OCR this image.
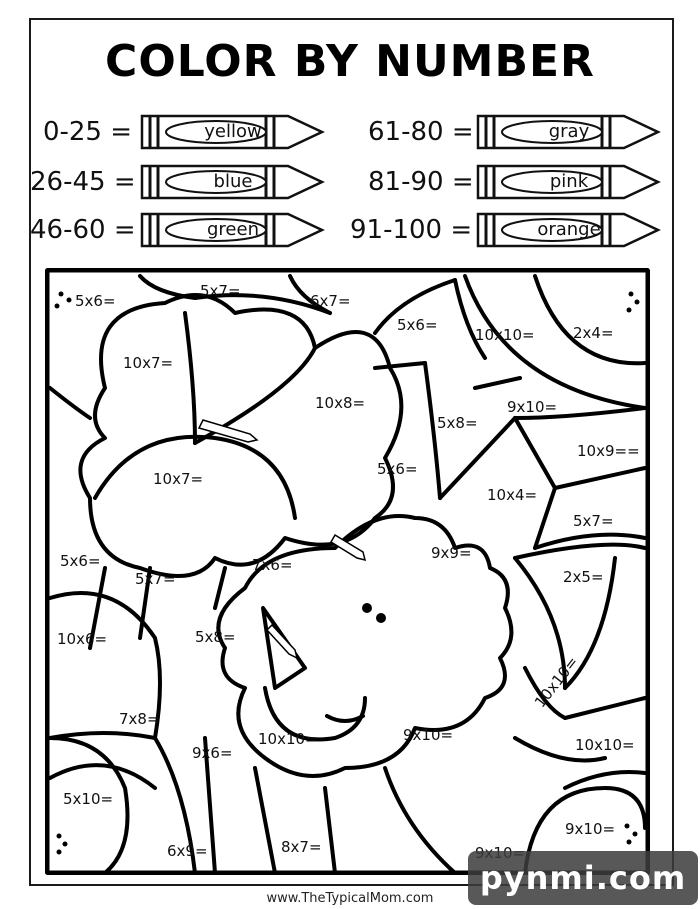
COLOR BY NUMBER
0-25 =	yellow
26-45 =	blue
46-60 =	green
61-80 =	gray
81-90 =	pink
91-100 =	orange
5x6=
5x7=
6x7=
5x6=
10x10=	2x4=
10x7=
10x8=
5x8=
9x10=
10x9==
10x7=
5x6=
10x4=
5x7=
9x9=
5x6=
5x7=
7x6=
2x5=
10x6=	5x8=
7x8=
9x6=
10x10=	9x10=
10x10=
10x10=
5x10=
9x10=
6x9=	8x7=
www.TheTypicalMom.com
pynmi.com
